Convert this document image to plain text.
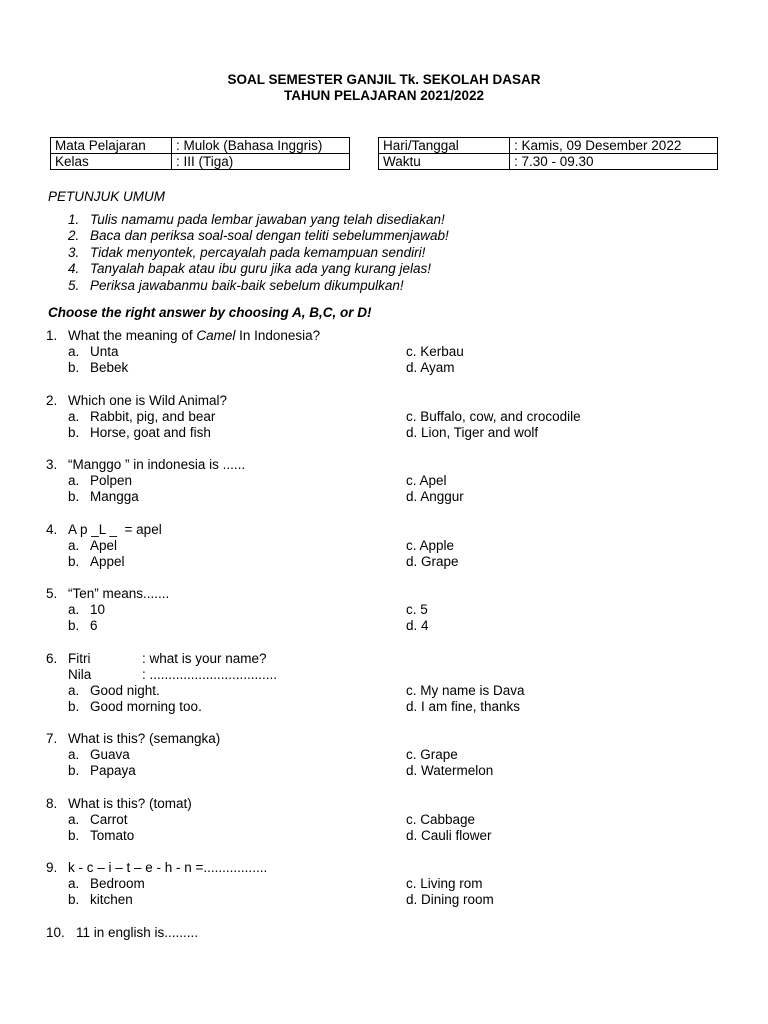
SOAL SEMESTER GANJIL Tk. SEKOLAH DASAR
TAHUN PELAJARAN 2021/2022
Mata Pelajaran	: Mulok (Bahasa Inggris)
Kelas	: III (Tiga)
Hari/Tanggal	: Kamis, 09 Desember 2022
Waktu	: 7.30 - 09.30
PETUNJUK UMUM
1. Tulis namamu pada lembar jawaban yang telah disediakan!
2. Baca dan periksa soal-soal dengan teliti sebelummenjawab!
3. Tidak menyontek, percayalah pada kemampuan sendiri!
4. Tanyalah bapak atau ibu guru jika ada yang kurang jelas!
5. Periksa jawabanmu baik-baik sebelum dikumpulkan!
Choose the right answer by choosing A, B,C, or D!
1. What the meaning of Camel In Indonesia?
a. Unta
b. Bebek
c. Kerbau
d. Ayam
2. Which one is Wild Animal?
a. Rabbit, pig, and bear
b. Horse, goat and fish
c. Buffalo, cow, and crocodile
d. Lion, Tiger and wolf
3. “Manggo ” in indonesia is ......
a. Polpen
b. Mangga
c. Apel
d. Anggur
4. A p _L _  = apel
a. Apel
b. Appel
c. Apple
d. Grape
5. “Ten” means.......
a. 10
b. 6
c. 5
d. 4
6. Fitri	: what is your name?
Nila	: ..................................
a. Good night.
b. Good morning too.
c. My name is Dava
d. I am fine, thanks
7. What is this? (semangka)
a. Guava
b. Papaya
c. Grape
d. Watermelon
8. What is this? (tomat)
a. Carrot
b. Tomato
c. Cabbage
d. Cauli flower
9. k - c – i – t – e - h - n =.................
a. Bedroom
b. kitchen
c. Living rom
d. Dining room
10. 11 in english is.........
